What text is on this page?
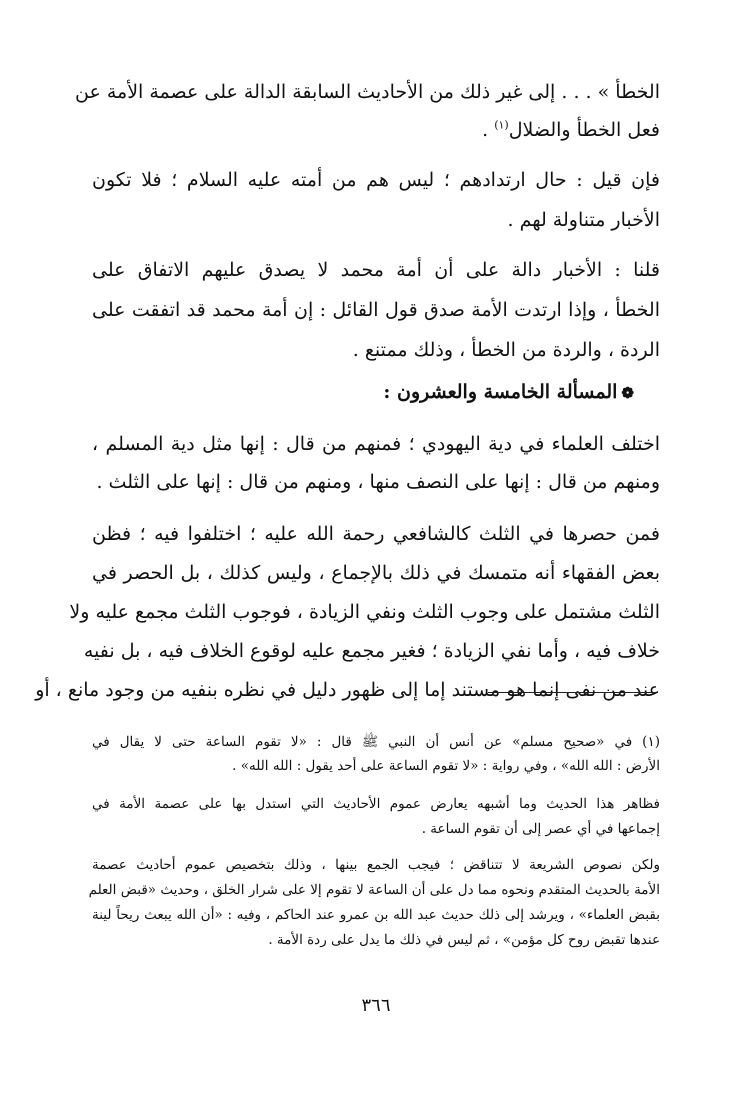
الخطأ » . . . إلى غير ذلك من الأحاديث السابقة الدالة على عصمة الأمة عن
فعل الخطأ والضلال$^{(١)}$ .
فإن قيل : حال ارتدادهم ؛ ليس هم من أمته عليه السلام ؛ فلا تكون
الأخبار متناولة لهم .
قلنا : الأخبار دالة على أن أمة محمد لا يصدق عليهم الاتفاق على
الخطأ ، وإذا ارتدت الأمة صدق قول القائل : إن أمة محمد قد اتفقت على
الردة ، والردة من الخطأ ، وذلك ممتنع .
❁المسألة الخامسة والعشرون :
اختلف العلماء في دية اليهودي ؛ فمنهم من قال : إنها مثل دية المسلم ،
ومنهم من قال : إنها على النصف منها ، ومنهم من قال : إنها على الثلث .
فمن حصرها في الثلث كالشافعي رحمة الله عليه ؛ اختلفوا فيه ؛ فظن
بعض الفقهاء أنه متمسك في ذلك بالإجماع ، وليس كذلك ، بل الحصر في
الثلث مشتمل على وجوب الثلث ونفي الزيادة ، فوجوب الثلث مجمع عليه ولا
خلاف فيه ، وأما نفي الزيادة ؛ فغير مجمع عليه لوقوع الخلاف فيه ، بل نفيه
عند من نفى إنما هو مستند إما إلى ظهور دليل في نظره بنفيه من وجود مانع ، أو
(١) في «صحيح مسلم» عن أنس أن النبي ﷺ قال : «لا تقوم الساعة حتى لا يقال في
الأرض : الله الله» ، وفي رواية : «لا تقوم الساعة على أحد يقول : الله الله» .
فظاهر هذا الحديث وما أشبهه يعارض عموم الأحاديث التي استدل بها على عصمة الأمة في
إجماعها في أي عصر إلى أن تقوم الساعة .
ولكن نصوص الشريعة لا تتناقض ؛ فيجب الجمع بينها ، وذلك بتخصيص عموم أحاديث عصمة
الأمة بالحديث المتقدم ونحوه مما دل على أن الساعة لا تقوم إلا على شرار الخلق ، وحديث «قبض العلم
بقبض العلماء» ، ويرشد إلى ذلك حديث عبد الله بن عمرو عند الحاكم ، وفيه : «أن الله يبعث ريحاً لينة
عندها تقبض روح كل مؤمن» ، ثم ليس في ذلك ما يدل على ردة الأمة .
٣٦٦
